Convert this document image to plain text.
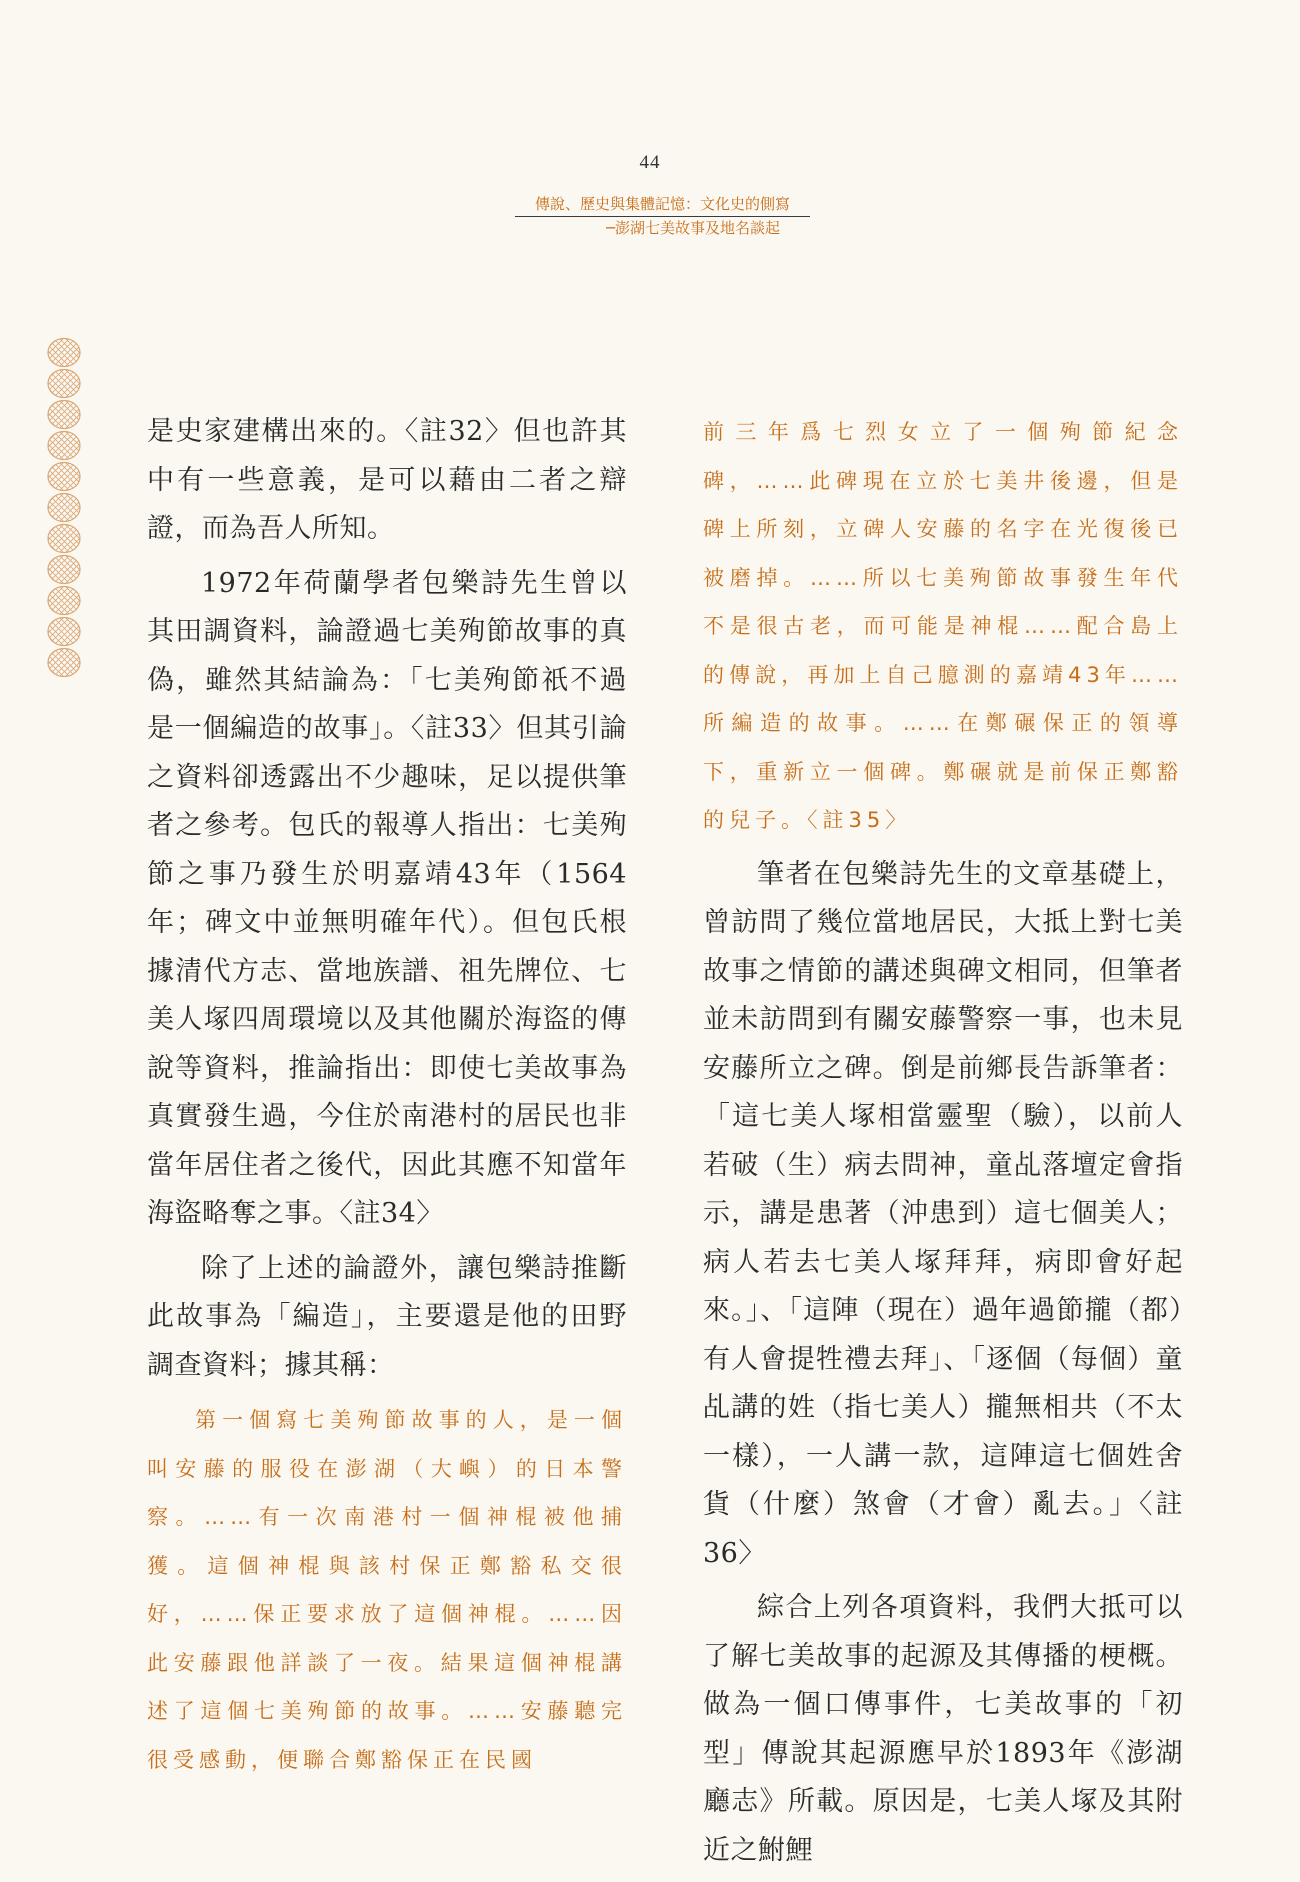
44
傳說、歷史與集體記憶：文化史的側寫
─澎湖七美故事及地名談起

是史家建構出來的。〈註32〉但也許其中有一些意義，是可以藉由二者之辯證，而為吾人所知。

1972年荷蘭學者包樂詩先生曾以其田調資料，論證過七美殉節故事的真偽，雖然其結論為：「七美殉節祇不過是一個編造的故事」。〈註33〉但其引論之資料卻透露出不少趣味，足以提供筆者之參考。包氏的報導人指出：七美殉節之事乃發生於明嘉靖43年（1564年；碑文中並無明確年代）。但包氏根據清代方志、當地族譜、祖先牌位、七美人塚四周環境以及其他關於海盜的傳說等資料，推論指出：即使七美故事為真實發生過，今住於南港村的居民也非當年居住者之後代，因此其應不知當年海盜略奪之事。〈註34〉

除了上述的論證外，讓包樂詩推斷此故事為「編造」，主要還是他的田野調查資料；據其稱：

第一個寫七美殉節故事的人，是一個叫安藤的服役在澎湖（大嶼）的日本警察。……有一次南港村一個神棍被他捕獲。這個神棍與該村保正鄭豁私交很好，……保正要求放了這個神棍。……因此安藤跟他詳談了一夜。結果這個神棍講述了這個七美殉節的故事。……安藤聽完很受感動，便聯合鄭豁保正在民國

前三年爲七烈女立了一個殉節紀念碑，……此碑現在立於七美井後邊，但是碑上所刻，立碑人安藤的名字在光復後已被磨掉。……所以七美殉節故事發生年代不是很古老，而可能是神棍……配合島上的傳說，再加上自己臆測的嘉靖43年……所編造的故事。……在鄭碾保正的領導下，重新立一個碑。鄭碾就是前保正鄭豁的兒子。〈註35〉

筆者在包樂詩先生的文章基礎上，曾訪問了幾位當地居民，大抵上對七美故事之情節的講述與碑文相同，但筆者並未訪問到有關安藤警察一事，也未見安藤所立之碑。倒是前鄉長告訴筆者：「這七美人塚相當靈聖（驗），以前人若破（生）病去問神，童乩落壇定會指示，講是患著（沖患到）這七個美人；病人若去七美人塚拜拜，病即會好起來。」、「這陣（現在）過年過節攏（都）有人會提牲禮去拜」、「逐個（每個）童乩講的姓（指七美人）攏無相共（不太一樣），一人講一款，這陣這七個姓舍貨（什麼）煞會（才會）亂去。」〈註36〉

綜合上列各項資料，我們大抵可以了解七美故事的起源及其傳播的梗概。做為一個口傳事件，七美故事的「初型」傳說其起源應早於1893年《澎湖廳志》所載。原因是，七美人塚及其附近之鮒鯉
